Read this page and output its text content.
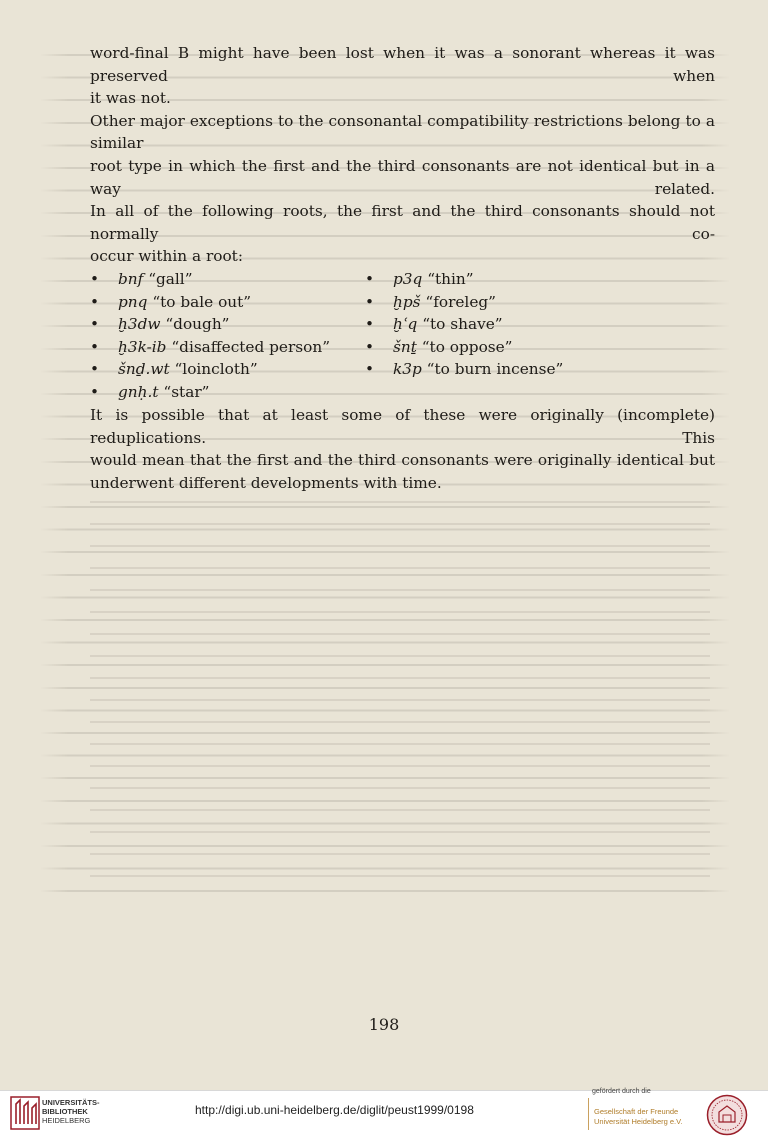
word-final B might have been lost when it was a sonorant whereas it was preserved when
it was not.
Other major exceptions to the consonantal compatibility restrictions belong to a similar
root type in which the first and the third consonants are not identical but in a way related.
In all of the following roots, the first and the third consonants should not normally co-
occur within a root:
• bnf “gall”
• pnq “to bale out”
• ḫ3dw “dough”
• ḫ3k-ib “disaffected person”
• šnḏ.wt “loincloth”
• gnḥ.t “star”
• p3q “thin”
• ḫpš “foreleg”
• ḫʿq “to shave”
• šnṯ “to oppose”
• k3p “to burn incense”
It is possible that at least some of these were originally (incomplete) reduplications. This
would mean that the first and the third consonants were originally identical but
underwent different developments with time.
198
UNIVERSITÄTS-
BIBLIOTHEK
HEIDELBERG
http://digi.ub.uni-heidelberg.de/diglit/peust1999/0198
gefördert durch die
Gesellschaft der Freunde
Universität Heidelberg e.V.
